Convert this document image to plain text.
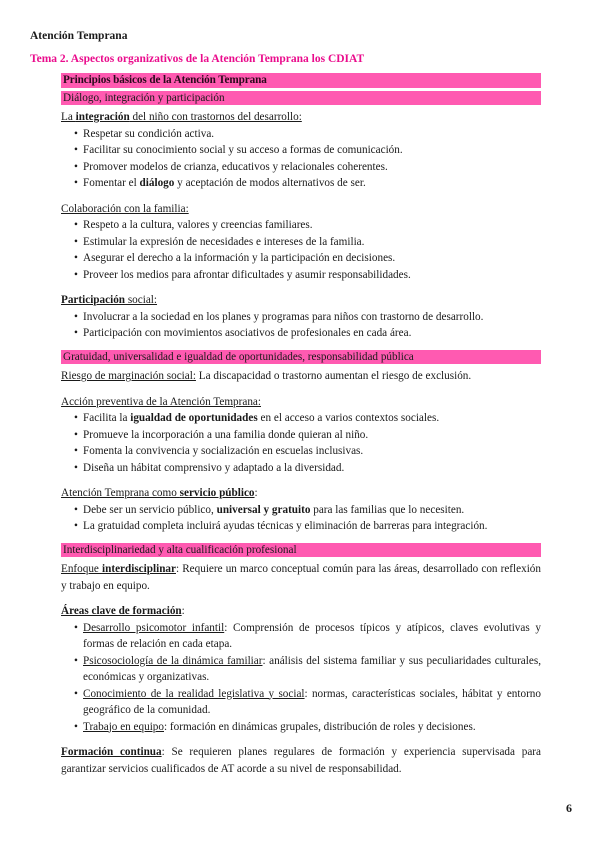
Atención Temprana
Tema 2. Aspectos organizativos de la Atención Temprana los CDIAT
Principios básicos de la Atención Temprana
Diálogo, integración y participación
La integración del niño con trastornos del desarrollo:
• Respetar su condición activa.
• Facilitar su conocimiento social y su acceso a formas de comunicación.
• Promover modelos de crianza, educativos y relacionales coherentes.
• Fomentar el diálogo y aceptación de modos alternativos de ser.
Colaboración con la familia:
• Respeto a la cultura, valores y creencias familiares.
• Estimular la expresión de necesidades e intereses de la familia.
• Asegurar el derecho a la información y la participación en decisiones.
• Proveer los medios para afrontar dificultades y asumir responsabilidades.
Participación social:
• Involucrar a la sociedad en los planes y programas para niños con trastorno de desarrollo.
• Participación con movimientos asociativos de profesionales en cada área.
Gratuidad, universalidad e igualdad de oportunidades, responsabilidad pública
Riesgo de marginación social: La discapacidad o trastorno aumentan el riesgo de exclusión.
Acción preventiva de la Atención Temprana:
• Facilita la igualdad de oportunidades en el acceso a varios contextos sociales.
• Promueve la incorporación a una familia donde quieran al niño.
• Fomenta la convivencia y socialización en escuelas inclusivas.
• Diseña un hábitat comprensivo y adaptado a la diversidad.
Atención Temprana como servicio público:
• Debe ser un servicio público, universal y gratuito para las familias que lo necesiten.
• La gratuidad completa incluirá ayudas técnicas y eliminación de barreras para integración.
Interdisciplinariedad y alta cualificación profesional
Enfoque interdisciplinar: Requiere un marco conceptual común para las áreas, desarrollado con reflexión y trabajo en equipo.
Áreas clave de formación:
• Desarrollo psicomotor infantil: Comprensión de procesos típicos y atípicos, claves evolutivas y formas de relación en cada etapa.
• Psicosociología de la dinámica familiar: análisis del sistema familiar y sus peculiaridades culturales, económicas y organizativas.
• Conocimiento de la realidad legislativa y social: normas, características sociales, hábitat y entorno geográfico de la comunidad.
• Trabajo en equipo: formación en dinámicas grupales, distribución de roles y decisiones.
Formación continua: Se requieren planes regulares de formación y experiencia supervisada para garantizar servicios cualificados de AT acorde a su nivel de responsabilidad.
6
